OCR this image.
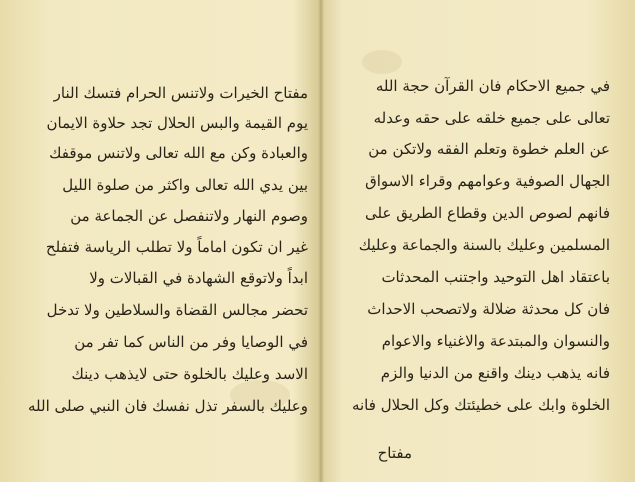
مفتاح الخيرات ولاتنس الحرام فتسك النار
يوم القيمة والبس الحلال تجد حلاوة الايمان
والعبادة وكن مع الله تعالى ولاتنس موقفك
بين يدي الله تعالى واكثر من صلوة الليل
وصوم النهار ولاتنفصل عن الجماعة من
غير ان تكون اماماً ولا تطلب الرياسة فتفلح
ابداً ولاتوقع الشهادة في القبالات ولا
تحضر مجالس القضاة والسلاطين ولا تدخل
في الوصايا وفر من الناس كما تفر من
الاسد وعليك بالخلوة حتى لايذهب دينك
وعليك بالسفر تذل نفسك فان النبي صلى الله
في جميع الاحكام فان القرآن حجة الله
تعالى على جميع خلقه على حقه وعدله
عن العلم خطوة وتعلم الفقه ولاتكن من
الجهال الصوفية وعوامهم وقراء الاسواق
فانهم لصوص الدين وقطاع الطريق على
المسلمين وعليك بالسنة والجماعة وعليك
باعتقاد اهل التوحيد واجتنب المحدثات
فان كل محدثة ضلالة ولاتصحب الاحداث
والنسوان والمبتدعة والاغنياء والاعوام
فانه يذهب دينك واقنع من الدنيا والزم
الخلوة وابك على خطيئتك وكل الحلال فانه
مفتاح
